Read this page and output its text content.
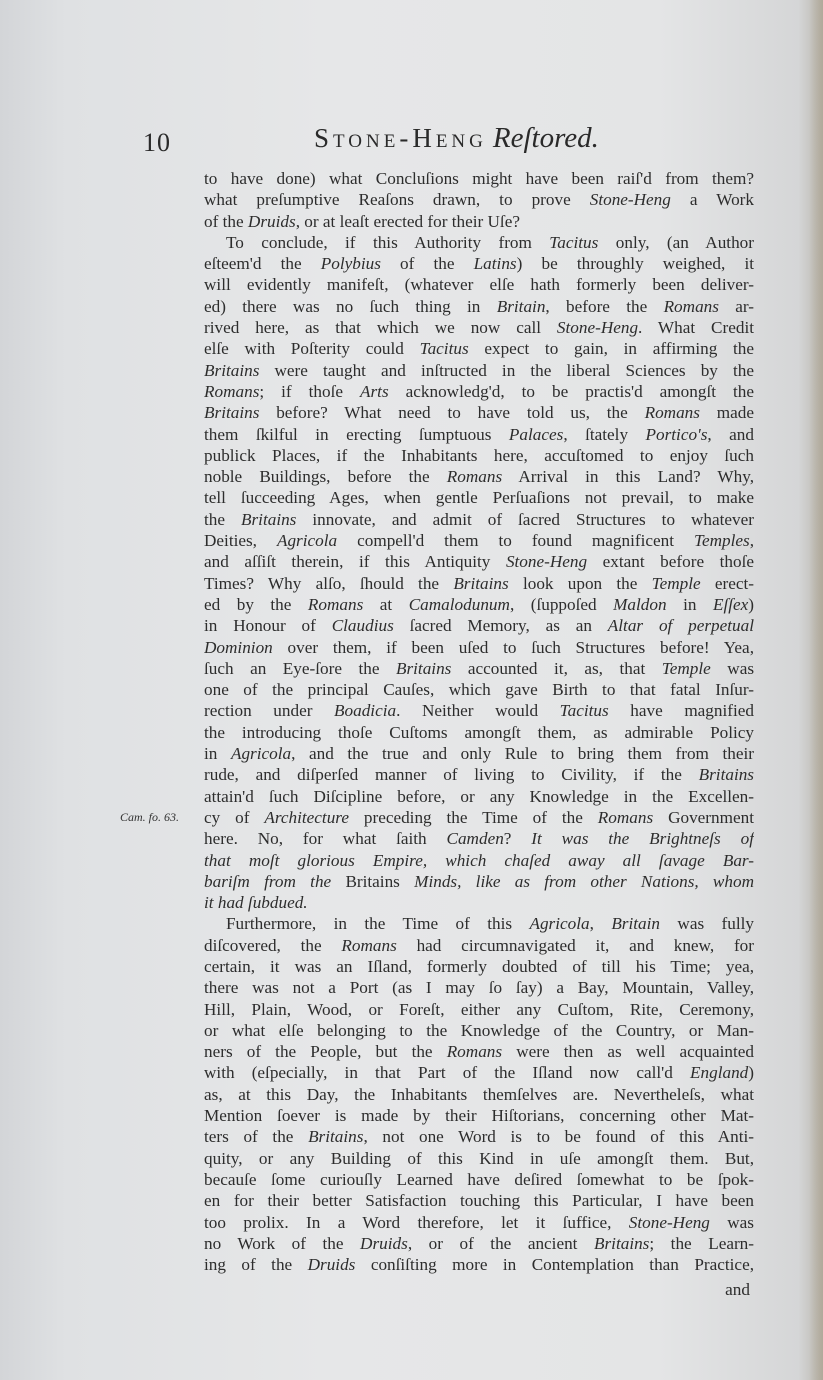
10	Stone-Heng Reſtored.
Cam. fo. 63.
to have done) what Concluſions might have been raiſ'd from them?
what preſumptive Reaſons drawn, to prove Stone-Heng a Work
of the Druids, or at leaſt erected for their Uſe?
To conclude, if this Authority from Tacitus only, (an Author
eſteem'd the Polybius of the Latins) be throughly weighed, it
will evidently manifeſt, (whatever elſe hath formerly been deliver-
ed) there was no ſuch thing in Britain, before the Romans ar-
rived here, as that which we now call Stone-Heng. What Credit
elſe with Poſterity could Tacitus expect to gain, in affirming the
Britains were taught and inſtructed in the liberal Sciences by the
Romans; if thoſe Arts acknowledg'd, to be practis'd amongſt the
Britains before? What need to have told us, the Romans made
them ſkilful in erecting ſumptuous Palaces, ſtately Portico's, and
publick Places, if the Inhabitants here, accuſtomed to enjoy ſuch
noble Buildings, before the Romans Arrival in this Land? Why,
tell ſucceeding Ages, when gentle Perſuaſions not prevail, to make
the Britains innovate, and admit of ſacred Structures to whatever
Deities, Agricola compell'd them to found magnificent Temples,
and aſſiſt therein, if this Antiquity Stone-Heng extant before thoſe
Times? Why alſo, ſhould the Britains look upon the Temple erect-
ed by the Romans at Camalodunum, (ſuppoſed Maldon in Eſſex)
in Honour of Claudius ſacred Memory, as an Altar of perpetual
Dominion over them, if been uſed to ſuch Structures before! Yea,
ſuch an Eye-ſore the Britains accounted it, as, that Temple was
one of the principal Cauſes, which gave Birth to that fatal Inſur-
rection under Boadicia. Neither would Tacitus have magnified
the introducing thoſe Cuſtoms amongſt them, as admirable Policy
in Agricola, and the true and only Rule to bring them from their
rude, and diſperſed manner of living to Civility, if the Britains
attain'd ſuch Diſcipline before, or any Knowledge in the Excellen-
cy of Architecture preceding the Time of the Romans Government
here. No, for what ſaith Camden? It was the Brightneſs of
that moſt glorious Empire, which chaſed away all ſavage Bar-
bariſm from the Britains Minds, like as from other Nations, whom
it had ſubdued.
Furthermore, in the Time of this Agricola, Britain was fully
diſcovered, the Romans had circumnavigated it, and knew, for
certain, it was an Iſland, formerly doubted of till his Time; yea,
there was not a Port (as I may ſo ſay) a Bay, Mountain, Valley,
Hill, Plain, Wood, or Foreſt, either any Cuſtom, Rite, Ceremony,
or what elſe belonging to the Knowledge of the Country, or Man-
ners of the People, but the Romans were then as well acquainted
with (eſpecially, in that Part of the Iſland now call'd England)
as, at this Day, the Inhabitants themſelves are. Nevertheleſs, what
Mention ſoever is made by their Hiſtorians, concerning other Mat-
ters of the Britains, not one Word is to be found of this Anti-
quity, or any Building of this Kind in uſe amongſt them. But,
becauſe ſome curiouſly Learned have deſired ſomewhat to be ſpok-
en for their better Satisfaction touching this Particular, I have been
too prolix. In a Word therefore, let it ſuffice, Stone-Heng was
no Work of the Druids, or of the ancient Britains; the Learn-
ing of the Druids conſiſting more in Contemplation than Practice,
and
